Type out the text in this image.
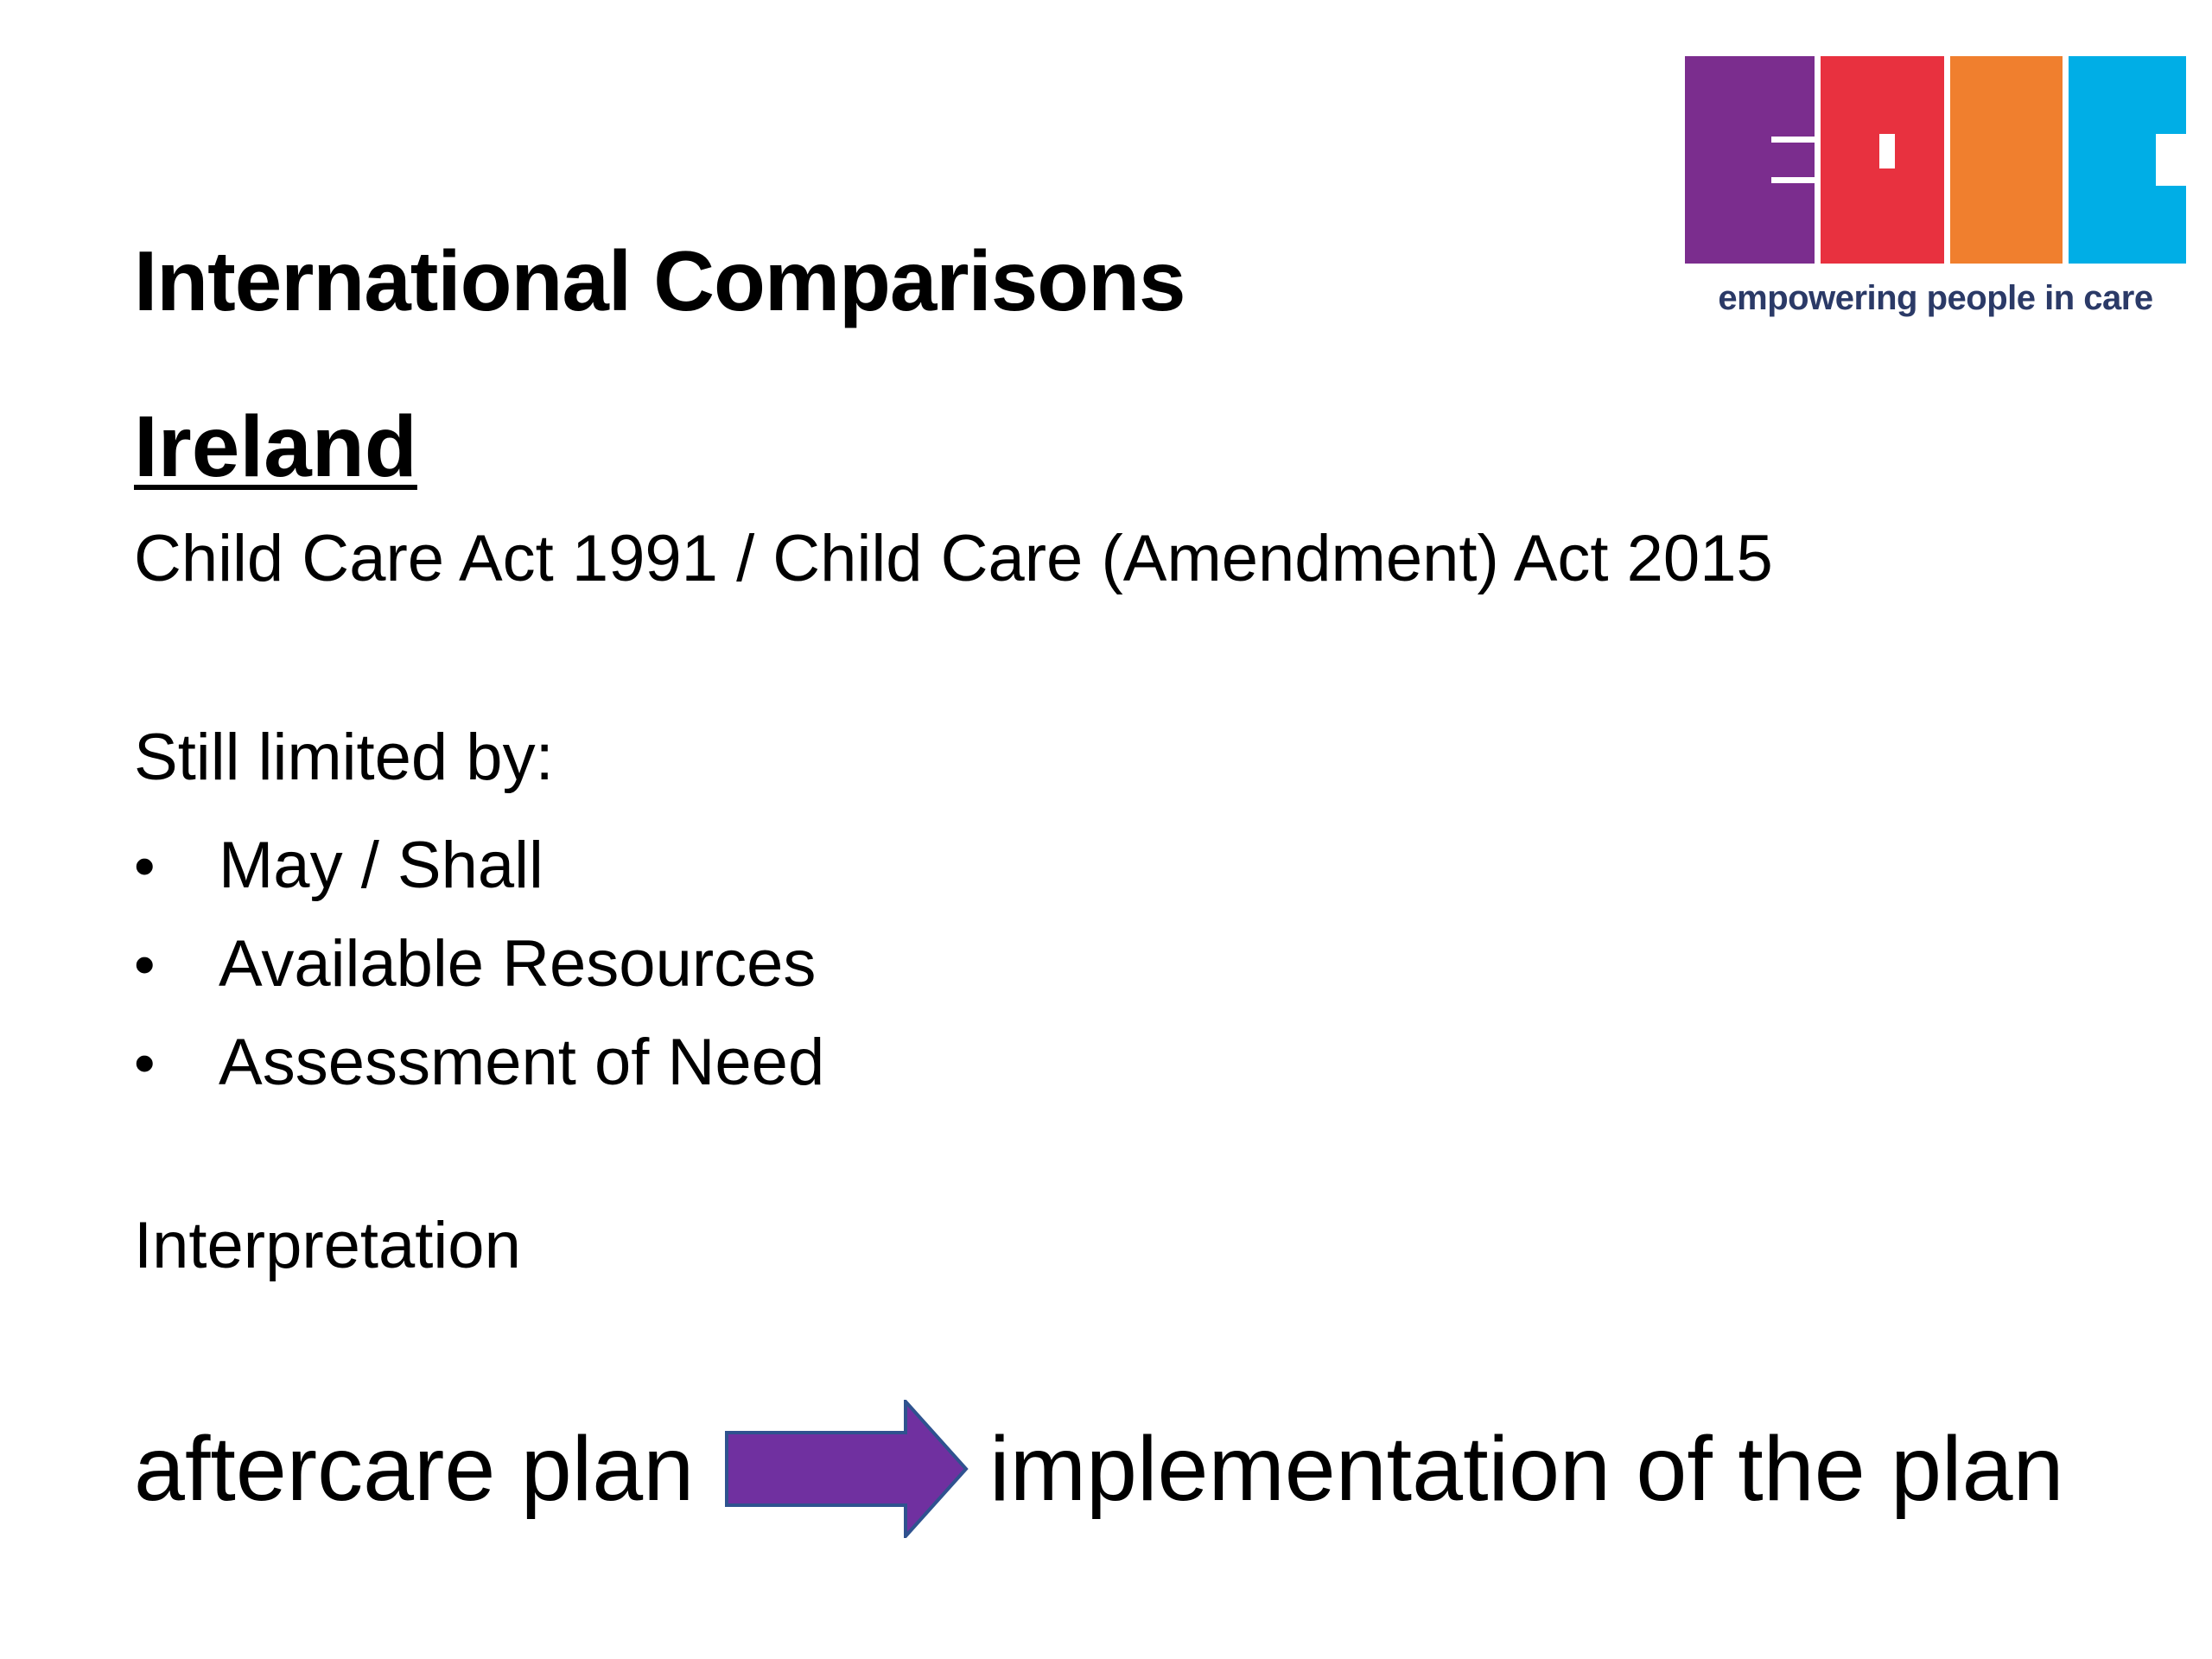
International Comparisons
Ireland
Child Care Act 1991 / Child Care (Amendment) Act 2015
Still limited by:
• May / Shall
• Available Resources
• Assessment of Need
Interpretation
aftercare plan	implementation of the plan
empowering people in care
